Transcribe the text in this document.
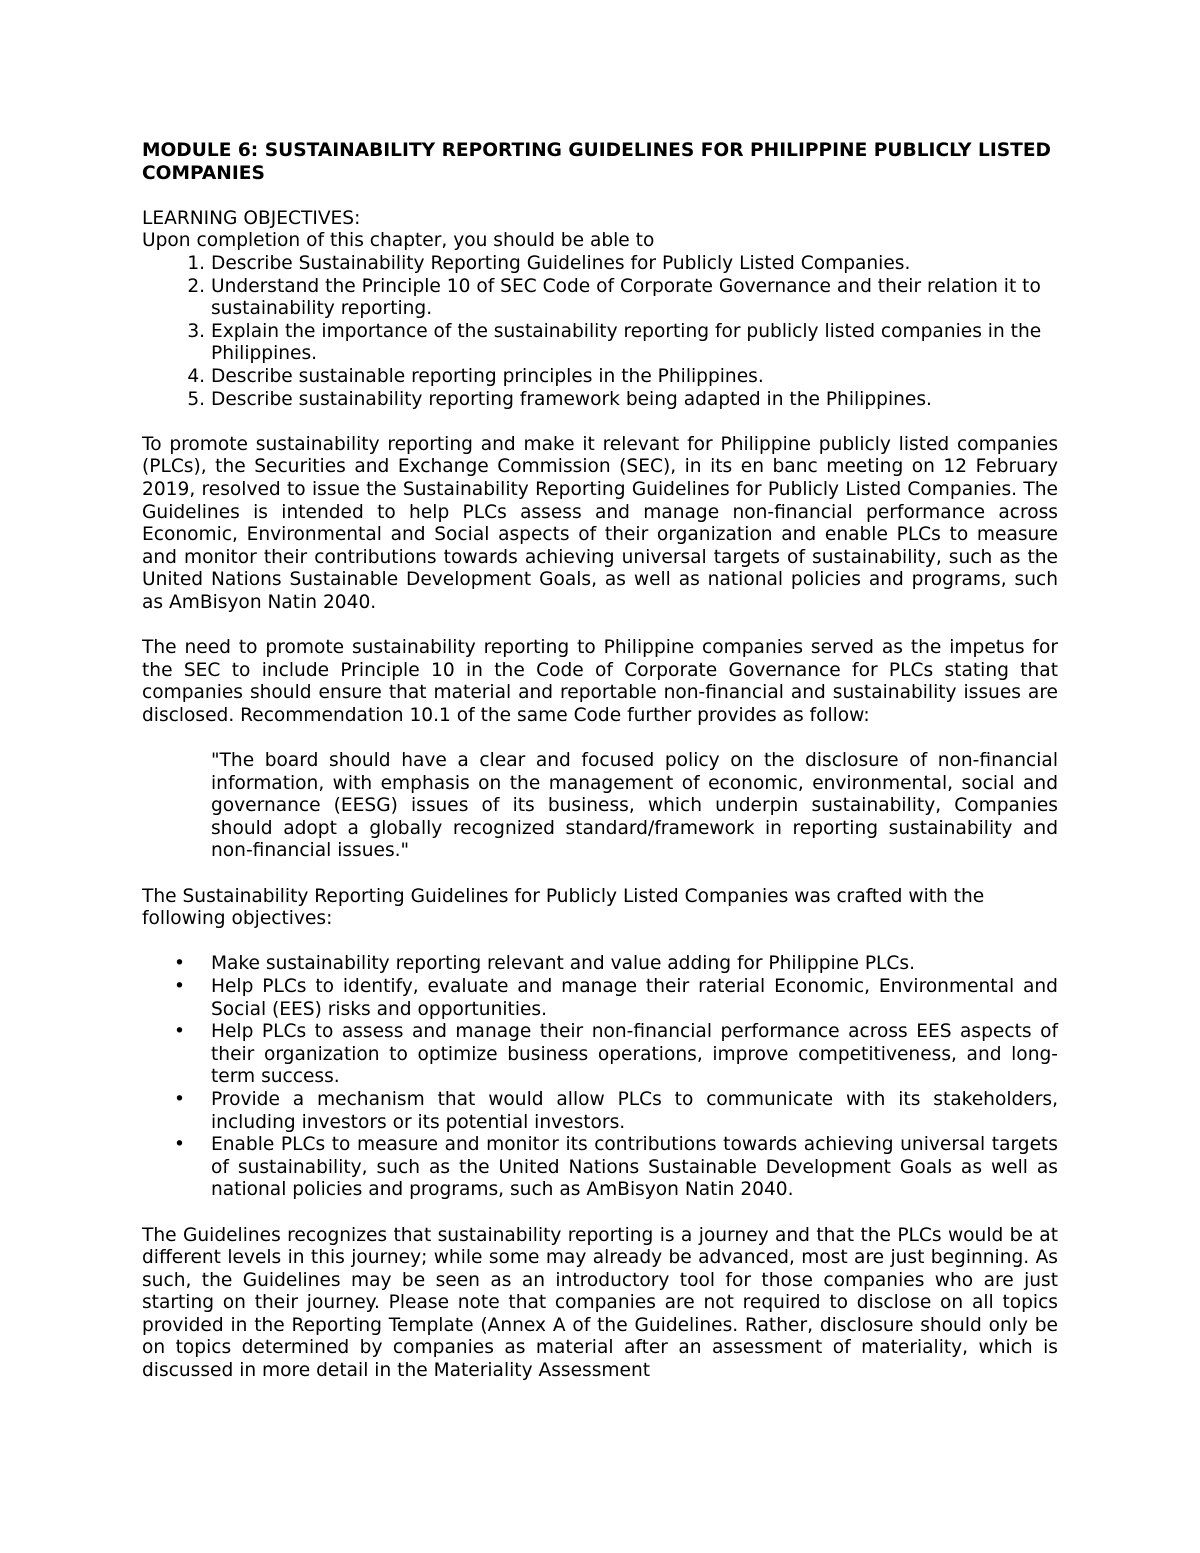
MODULE 6: SUSTAINABILITY REPORTING GUIDELINES FOR PHILIPPINE PUBLICLY LISTED COMPANIES
LEARNING OBJECTIVES:
Upon completion of this chapter, you should be able to
1. Describe Sustainability Reporting Guidelines for Publicly Listed Companies.
2. Understand the Principle 10 of SEC Code of Corporate Governance and their relation it to sustainability reporting.
3. Explain the importance of the sustainability reporting for publicly listed companies in the Philippines.
4. Describe sustainable reporting principles in the Philippines.
5. Describe sustainability reporting framework being adapted in the Philippines.

To promote sustainability reporting and make it relevant for Philippine publicly listed companies (PLCs), the Securities and Exchange Commission (SEC), in its en banc meeting on 12 February 2019, resolved to issue the Sustainability Reporting Guidelines for Publicly Listed Companies. The Guidelines is intended to help PLCs assess and manage non-financial performance across Economic, Environmental and Social aspects of their organization and enable PLCs to measure and monitor their contributions towards achieving universal targets of sustainability, such as the United Nations Sustainable Development Goals, as well as national policies and programs, such as AmBisyon Natin 2040.

The need to promote sustainability reporting to Philippine companies served as the impetus for the SEC to include Principle 10 in the Code of Corporate Governance for PLCs stating that companies should ensure that material and reportable non-financial and sustainability issues are disclosed. Recommendation 10.1 of the same Code further provides as follow:

"The board should have a clear and focused policy on the disclosure of non-financial information, with emphasis on the management of economic, environmental, social and governance (EESG) issues of its business, which underpin sustainability, Companies should adopt a globally recognized standard/framework in reporting sustainability and non-financial issues."

The Sustainability Reporting Guidelines for Publicly Listed Companies was crafted with the following objectives:

• Make sustainability reporting relevant and value adding for Philippine PLCs.
• Help PLCs to identify, evaluate and manage their raterial Economic, Environmental and Social (EES) risks and opportunities.
• Help PLCs to assess and manage their non-financial performance across EES aspects of their organization to optimize business operations, improve competitiveness, and long-term success.
• Provide a mechanism that would allow PLCs to communicate with its stakeholders, including investors or its potential investors.
• Enable PLCs to measure and monitor its contributions towards achieving universal targets of sustainability, such as the United Nations Sustainable Development Goals as well as national policies and programs, such as AmBisyon Natin 2040.

The Guidelines recognizes that sustainability reporting is a journey and that the PLCs would be at different levels in this journey; while some may already be advanced, most are just beginning. As such, the Guidelines may be seen as an introductory tool for those companies who are just starting on their journey. Please note that companies are not required to disclose on all topics provided in the Reporting Template (Annex A of the Guidelines. Rather, disclosure should only be on topics determined by companies as material after an assessment of materiality, which is discussed in more detail in the Materiality Assessment
